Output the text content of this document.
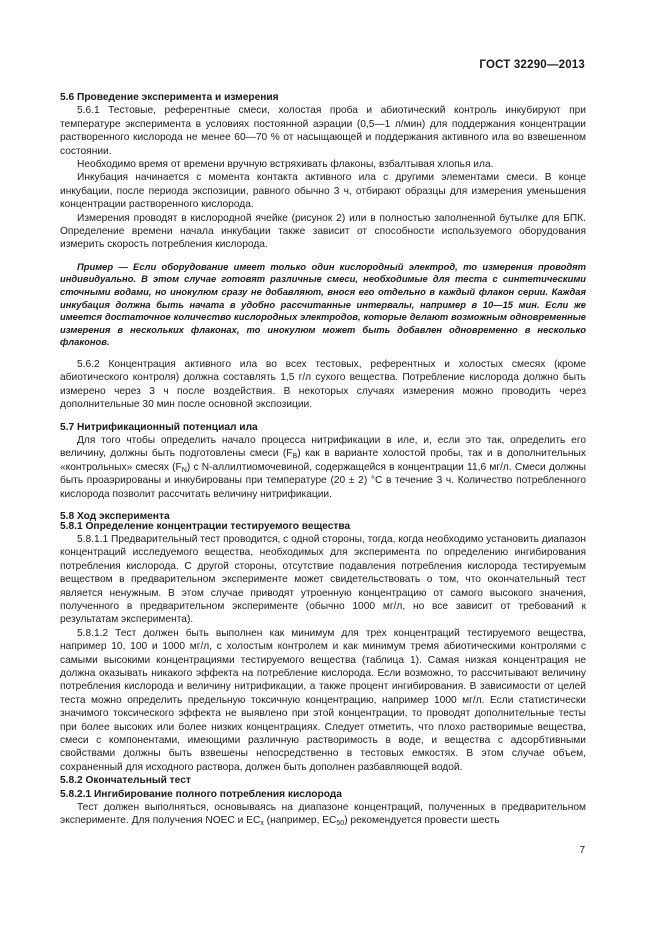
ГОСТ 32290—2013

5.6 Проведение эксперимента и измерения

5.6.1 Тестовые, референтные смеси, холостая проба и абиотический контроль инкубируют при температуре эксперимента в условиях постоянной аэрации (0,5—1 л/мин) для поддержания концентрации растворенного кислорода не менее 60—70 % от насыщающей и поддержания активного ила во взвешенном состоянии.

Необходимо время от времени вручную встряхивать флаконы, взбалтывая хлопья ила.

Инкубация начинается с момента контакта активного ила с другими элементами смеси. В конце инкубации, после периода экспозиции, равного обычно 3 ч, отбирают образцы для измерения уменьшения концентрации растворенного кислорода.

Измерения проводят в кислородной ячейке (рисунок 2) или в полностью заполненной бутылке для БПК. Определение времени начала инкубации также зависит от способности используемого оборудования измерить скорость потребления кислорода.

Пример — Если оборудование имеет только один кислородный электрод, то измерения проводят индивидуально. В этом случае готовят различные смеси, необходимые для теста с синтетическими сточными водами, но инокулюм сразу не добавляют, внося его отдельно в каждый флакон серии. Каждая инкубация должна быть начата в удобно рассчитанные интервалы, например в 10—15 мин. Если же имеется достаточное количество кислородных электродов, которые делают возможным одновременные измерения в нескольких флаконах, то инокулюм может быть добавлен одновременно в несколько флаконов.

5.6.2 Концентрация активного ила во всех тестовых, референтных и холостых смесях (кроме абиотического контроля) должна составлять 1,5 г/л сухого вещества. Потребление кислорода должно быть измерено через 3 ч после воздействия. В некоторых случаях измерения можно проводить через дополнительные 30 мин после основной экспозиции.

5.7 Нитрификационный потенциал ила

Для того чтобы определить начало процесса нитрификации в иле, и, если это так, определить его величину, должны быть подготовлены смеси $(F_B)$ как в варианте холостой пробы, так и в дополнительных «контрольных» смесях $(F_N)$ с N-аллилтиомочевиной, содержащейся в концентрации 11,6 мг/л. Смеси должны быть проаэрированы и инкубированы при температуре (20 ± 2) °С в течение 3 ч. Количество потребленного кислорода позволит рассчитать величину нитрификации.

5.8 Ход эксперимента

5.8.1 Определение концентрации тестируемого вещества

5.8.1.1 Предварительный тест проводится, с одной стороны, тогда, когда необходимо установить диапазон концентраций исследуемого вещества, необходимых для эксперимента по определению ингибирования потребления кислорода. С другой стороны, отсутствие подавления потребления кислорода тестируемым веществом в предварительном эксперименте может свидетельствовать о том, что окончательный тест является ненужным. В этом случае приводят утроенную концентрацию от самого высокого значения, полученного в предварительном эксперименте (обычно 1000 мг/л, но все зависит от требований к результатам эксперимента).

5.8.1.2 Тест должен быть выполнен как минимум для трех концентраций тестируемого вещества, например 10, 100 и 1000 мг/л, с холостым контролем и как минимум тремя абиотическими контролями с самыми высокими концентрациями тестируемого вещества (таблица 1). Самая низкая концентрация не должна оказывать никакого эффекта на потребление кислорода. Если возможно, то рассчитывают величину потребления кислорода и величину нитрификации, а также процент ингибирования. В зависимости от целей теста можно определить предельную токсичную концентрацию, например 1000 мг/л. Если статистически значимого токсического эффекта не выявлено при этой концентрации, то проводят дополнительные тесты при более высоких или более низких концентрациях. Следует отметить, что плохо растворимые вещества, смеси с компонентами, имеющими различную растворимость в воде, и вещества с адсорбтивными свойствами должны быть взвешены непосредственно в тестовых емкостях. В этом случае объем, сохраненный для исходного раствора, должен быть дополнен разбавляющей водой.

5.8.2 Окончательный тест

5.8.2.1 Ингибирование полного потребления кислорода

Тест должен выполняться, основываясь на диапазоне концентраций, полученных в предварительном эксперименте. Для получения NOEC и $EC_x$ (например, $EC_{50}$) рекомендуется провести шесть

7
